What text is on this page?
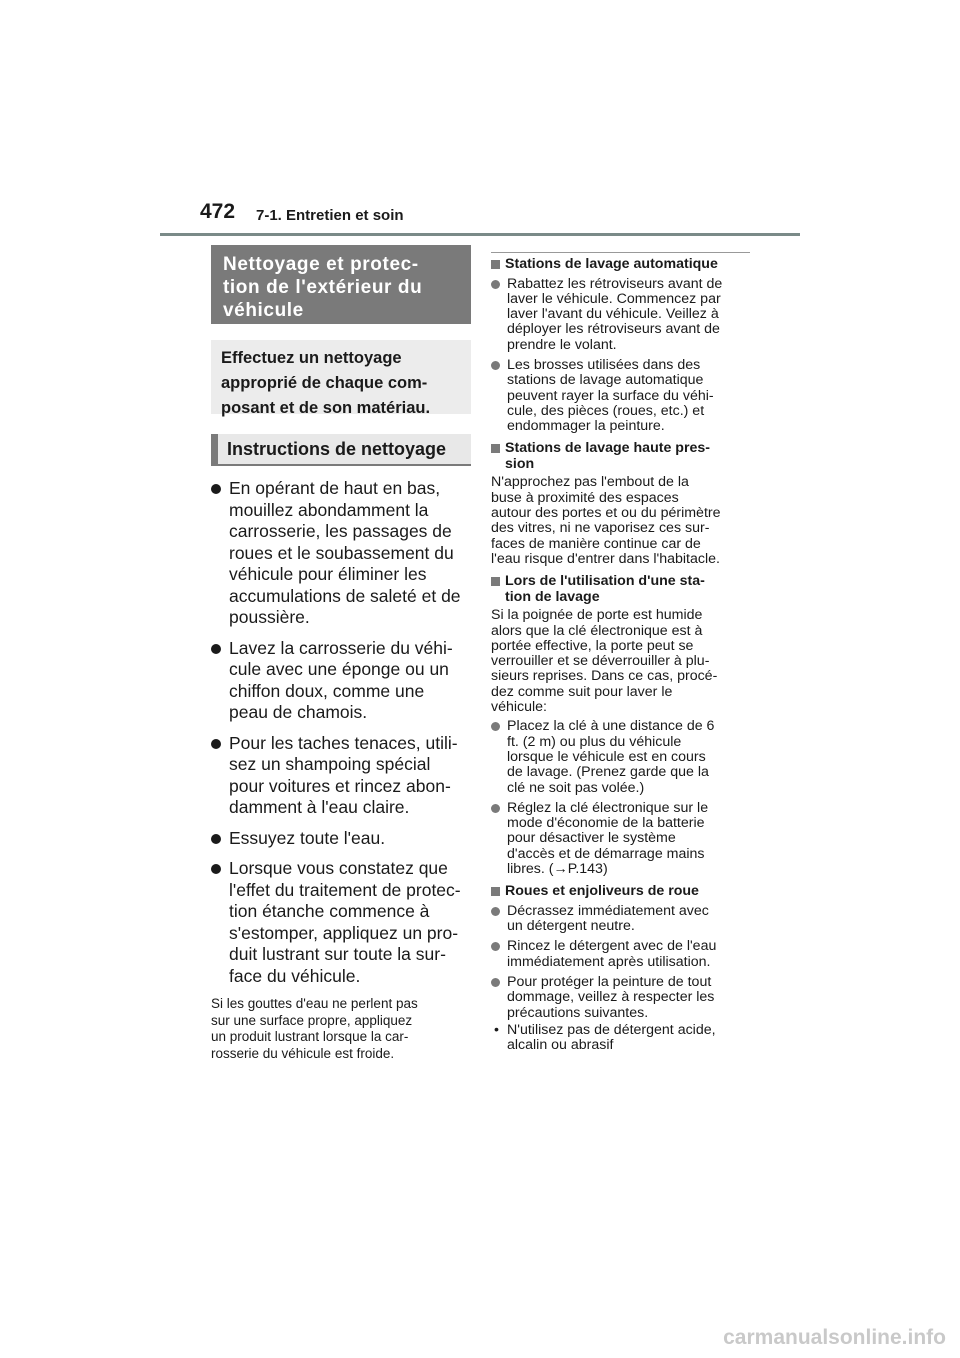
472 7-1. Entretien et soin
Nettoyage et protec-
tion de l'extérieur du
véhicule
Effectuez un nettoyage
approprié de chaque com-
posant et de son matériau.
Instructions de nettoyage
En opérant de haut en bas,
mouillez abondamment la
carrosserie, les passages de
roues et le soubassement du
véhicule pour éliminer les
accumulations de saleté et de
poussière.
Lavez la carrosserie du véhi-
cule avec une éponge ou un
chiffon doux, comme une
peau de chamois.
Pour les taches tenaces, utili-
sez un shampoing spécial
pour voitures et rincez abon-
damment à l'eau claire.
Essuyez toute l'eau.
Lorsque vous constatez que
l'effet du traitement de protec-
tion étanche commence à
s'estomper, appliquez un pro-
duit lustrant sur toute la sur-
face du véhicule.
Si les gouttes d'eau ne perlent pas
sur une surface propre, appliquez
un produit lustrant lorsque la car-
rosserie du véhicule est froide.
Stations de lavage automatique
Rabattez les rétroviseurs avant de
laver le véhicule. Commencez par
laver l'avant du véhicule. Veillez à
déployer les rétroviseurs avant de
prendre le volant.
Les brosses utilisées dans des
stations de lavage automatique
peuvent rayer la surface du véhi-
cule, des pièces (roues, etc.) et
endommager la peinture.
Stations de lavage haute pres-
sion
N'approchez pas l'embout de la
buse à proximité des espaces
autour des portes et ou du périmètre
des vitres, ni ne vaporisez ces sur-
faces de manière continue car de
l'eau risque d'entrer dans l'habitacle.
Lors de l'utilisation d'une sta-
tion de lavage
Si la poignée de porte est humide
alors que la clé électronique est à
portée effective, la porte peut se
verrouiller et se déverrouiller à plu-
sieurs reprises. Dans ce cas, procé-
dez comme suit pour laver le
véhicule:
Placez la clé à une distance de 6
ft. (2 m) ou plus du véhicule
lorsque le véhicule est en cours
de lavage. (Prenez garde que la
clé ne soit pas volée.)
Réglez la clé électronique sur le
mode d'économie de la batterie
pour désactiver le système
d'accès et de démarrage mains
libres. (→P.143)
Roues et enjoliveurs de roue
Décrassez immédiatement avec
un détergent neutre.
Rincez le détergent avec de l'eau
immédiatement après utilisation.
Pour protéger la peinture de tout
dommage, veillez à respecter les
précautions suivantes.
• N'utilisez pas de détergent acide,
alcalin ou abrasif
carmanualsonline.info
